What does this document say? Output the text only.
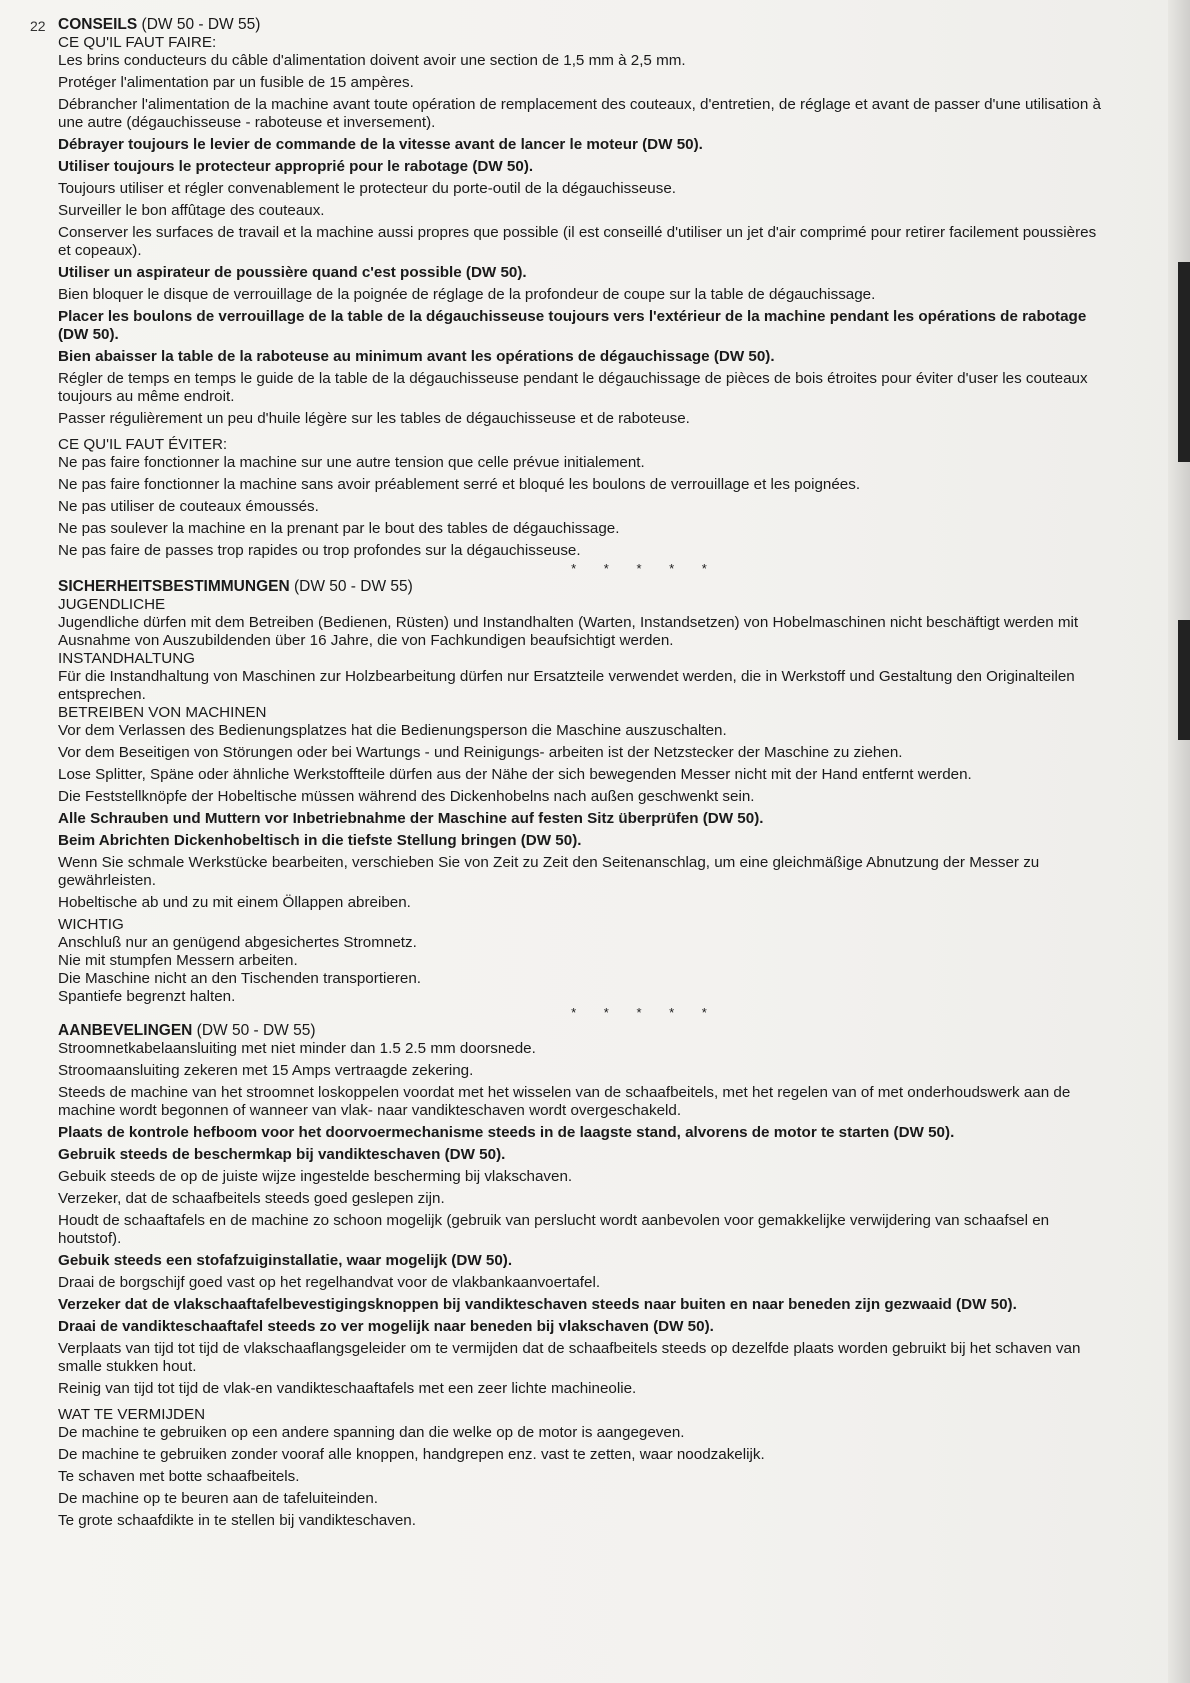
22 CONSEILS (DW 50 - DW 55)

CE QU'IL FAUT FAIRE:

Les brins conducteurs du câble d'alimentation doivent avoir une section de 1,5 mm à 2,5 mm.

Protéger l'alimentation par un fusible de 15 ampères.

Débrancher l'alimentation de la machine avant toute opération de remplacement des couteaux, d'entretien, de réglage et avant de passer d'une utilisation à une autre (dégauchisseuse - raboteuse et inversement).

Débrayer toujours le levier de commande de la vitesse avant de lancer le moteur (DW 50).

Utiliser toujours le protecteur approprié pour le rabotage (DW 50).

Toujours utiliser et régler convenablement le protecteur du porte-outil de la dégauchisseuse.

Surveiller le bon affûtage des couteaux.

Conserver les surfaces de travail et la machine aussi propres que possible (il est conseillé d'utiliser un jet d'air comprimé pour retirer facilement poussières et copeaux).

Utiliser un aspirateur de poussière quand c'est possible (DW 50).

Bien bloquer le disque de verrouillage de la poignée de réglage de la profondeur de coupe sur la table de dégauchissage.

Placer les boulons de verrouillage de la table de la dégauchisseuse toujours vers l'extérieur de la machine pendant les opérations de rabotage (DW 50).

Bien abaisser la table de la raboteuse au minimum avant les opérations de dégauchissage (DW 50).

Régler de temps en temps le guide de la table de la dégauchisseuse pendant le dégauchissage de pièces de bois étroites pour éviter d'user les couteaux toujours au même endroit.

Passer régulièrement un peu d'huile légère sur les tables de dégauchisseuse et de raboteuse.

CE QU'IL FAUT ÉVITER:

Ne pas faire fonctionner la machine sur une autre tension que celle prévue initialement.

Ne pas faire fonctionner la machine sans avoir préablement serré et bloqué les boulons de verrouillage et les poignées.

Ne pas utiliser de couteaux émoussés.

Ne pas soulever la machine en la prenant par le bout des tables de dégauchissage.

Ne pas faire de passes trop rapides ou trop profondes sur la dégauchisseuse.

* * * * *
SICHERHEITSBESTIMMUNGEN (DW 50 - DW 55)

JUGENDLICHE

Jugendliche dürfen mit dem Betreiben (Bedienen, Rüsten) und Instandhalten (Warten, Instandsetzen) von Hobelmaschinen nicht beschäftigt werden mit Ausnahme von Auszubildenden über 16 Jahre, die von Fachkundigen beaufsichtigt werden.

INSTANDHALTUNG

Für die Instandhaltung von Maschinen zur Holzbearbeitung dürfen nur Ersatzteile verwendet werden, die in Werkstoff und Gestaltung den Originalteilen entsprechen.

BETREIBEN VON MACHINEN

Vor dem Verlassen des Bedienungsplatzes hat die Bedienungsperson die Maschine auszuschalten.

Vor dem Beseitigen von Störungen oder bei Wartungs - und Reinigungs- arbeiten ist der Netzstecker der Maschine zu ziehen.

Lose Splitter, Späne oder ähnliche Werkstoffteile dürfen aus der Nähe der sich bewegenden Messer nicht mit der Hand entfernt werden.

Die Feststellknöpfe der Hobeltische müssen während des Dickenhobelns nach außen geschwenkt sein.

Alle Schrauben und Muttern vor Inbetriebnahme der Maschine auf festen Sitz überprüfen (DW 50).

Beim Abrichten Dickenhobeltisch in die tiefste Stellung bringen (DW 50).

Wenn Sie schmale Werkstücke bearbeiten, verschieben Sie von Zeit zu Zeit den Seitenanschlag, um eine gleichmäßige Abnutzung der Messer zu gewährleisten.

Hobeltische ab und zu mit einem Öllappen abreiben.

WICHTIG

Anschluß nur an genügend abgesichertes Stromnetz.

Nie mit stumpfen Messern arbeiten.

Die Maschine nicht an den Tischenden transportieren.

Spantiefe begrenzt halten.

* * * * *
AANBEVELINGEN (DW 50 - DW 55)

Stroomnetkabelaansluiting met niet minder dan 1.5 2.5 mm doorsnede.

Stroomaansluiting zekeren met 15 Amps vertraagde zekering.

Steeds de machine van het stroomnet loskoppelen voordat met het wisselen van de schaafbeitels, met het regelen van of met onderhoudswerk aan de machine wordt begonnen of wanneer van vlak- naar vandikteschaven wordt overgeschakeld.

Plaats de kontrole hefboom voor het doorvoermechanisme steeds in de laagste stand, alvorens de motor te starten (DW 50).

Gebruik steeds de beschermkap bij vandikteschaven (DW 50).

Gebuik steeds de op de juiste wijze ingestelde bescherming bij vlakschaven.

Verzeker, dat de schaafbeitels steeds goed geslepen zijn.

Houdt de schaaftafels en de machine zo schoon mogelijk (gebruik van perslucht wordt aanbevolen voor gemakkelijke verwijdering van schaafsel en houtstof).

Gebuik steeds een stofafzuiginstallatie, waar mogelijk (DW 50).

Draai de borgschijf goed vast op het regelhandvat voor de vlakbankaanvoertafel.

Verzeker dat de vlakschaaftafelbevestigingsknoppen bij vandikteschaven steeds naar buiten en naar beneden zijn gezwaaid (DW 50).

Draai de vandikteschaaftafel steeds zo ver mogelijk naar beneden bij vlakschaven (DW 50).

Verplaats van tijd tot tijd de vlakschaaflangsgeleider om te vermijden dat de schaafbeitels steeds op dezelfde plaats worden gebruikt bij het schaven van smalle stukken hout.

Reinig van tijd tot tijd de vlak-en vandikteschaaftafels met een zeer lichte machineolie.

WAT TE VERMIJDEN

De machine te gebruiken op een andere spanning dan die welke op de motor is aangegeven.

De machine te gebruiken zonder vooraf alle knoppen, handgrepen enz. vast te zetten, waar noodzakelijk.

Te schaven met botte schaafbeitels.

De machine op te beuren aan de tafeluiteinden.

Te grote schaafdikte in te stellen bij vandikteschaven.
